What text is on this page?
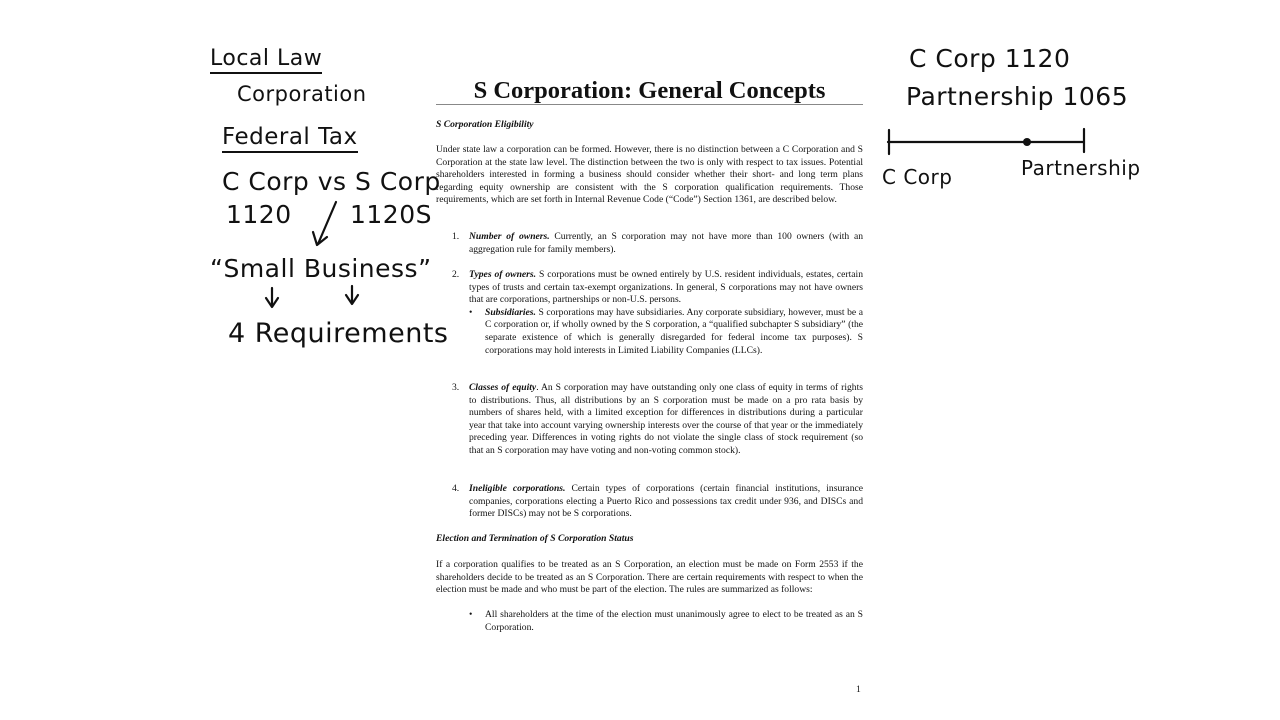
S Corporation: General Concepts
S Corporation Eligibility
Under state law a corporation can be formed. However, there is no distinction between a C Corporation and S Corporation at the state law level. The distinction between the two is only with respect to tax issues. Potential shareholders interested in forming a business should consider whether their short- and long term plans regarding equity ownership are consistent with the S corporation qualification requirements. Those requirements, which are set forth in Internal Revenue Code (“Code”) Section 1361, are described below.
1. Number of owners. Currently, an S corporation may not have more than 100 owners (with an aggregation rule for family members).
2. Types of owners. S corporations must be owned entirely by U.S. resident individuals, estates, certain types of trusts and certain tax-exempt organizations. In general, S corporations may not have owners that are corporations, partnerships or non-U.S. persons.
• Subsidiaries. S corporations may have subsidiaries. Any corporate subsidiary, however, must be a C corporation or, if wholly owned by the S corporation, a “qualified subchapter S subsidiary” (the separate existence of which is generally disregarded for federal income tax purposes). S corporations may hold interests in Limited Liability Companies (LLCs).
3. Classes of equity. An S corporation may have outstanding only one class of equity in terms of rights to distributions. Thus, all distributions by an S corporation must be made on a pro rata basis by numbers of shares held, with a limited exception for differences in distributions during a particular year that take into account varying ownership interests over the course of that year or the immediately preceding year. Differences in voting rights do not violate the single class of stock requirement (so that an S corporation may have voting and non-voting common stock).
4. Ineligible corporations. Certain types of corporations (certain financial institutions, insurance companies, corporations electing a Puerto Rico and possessions tax credit under 936, and DISCs and former DISCs) may not be S corporations.
Election and Termination of S Corporation Status
If a corporation qualifies to be treated as an S Corporation, an election must be made on Form 2553 if the shareholders decide to be treated as an S Corporation. There are certain requirements with respect to when the election must be made and who must be part of the election. The rules are summarized as follows:
• All shareholders at the time of the election must unanimously agree to elect to be treated as an S Corporation.
1
Local Law
Corporation
Federal Tax
C Corp vs S Corp
1120 1120S
“Small Business”
4 Requirements
C Corp 1120
Partnership 1065
C Corp	Partnership
